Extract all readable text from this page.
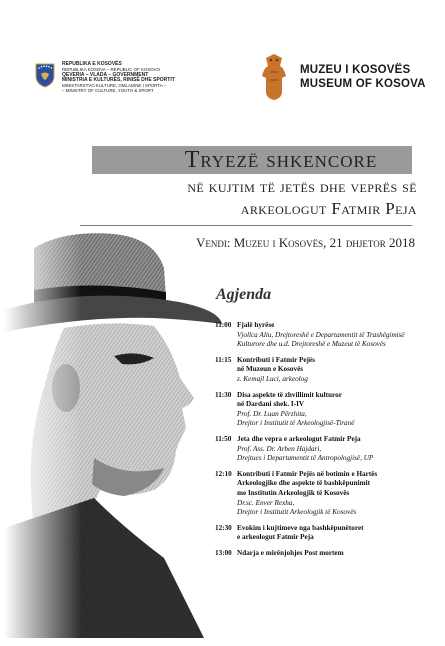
REPUBLIKA E KOSOVËS
REPUBLIKA KOSOVA – REPUBLIC OF KOSOVO
QEVERIA – VLADA – GOVERNMENT
MINISTRIA E KULTURËS, RINISË DHE SPORTIT
MINISTARSTVO KULTURE, OMLADINE I SPORTA –
– MINISTRY OF CULTURE, YOUTH & SPORT
MUZEU I KOSOVËS
MUSEUM OF KOSOVA
Tryezë shkencore
në kujtim të jetës dhe veprës së
arkeologut Fatmir Peja
Vendi: Muzeu i Kosovës, 21 dhjetor 2018
Agjenda
11:00 Fjalë hyrëse
Vjollca Aliu, Drejtoreshë e Departamentit të Trashëgimisë Kulturore dhe u.d. Drejtoreshë e Muzeut të Kosovës
11:15 Kontributi i Fatmir Pejës
në Muzeun e Kosovës
z. Kemajl Luci, arkeolog
11:30 Disa aspekte të zhvillimit kulturor
në Dardani shek. I-IV
Prof. Dr. Luan Përzhita,
Drejtor i Institutit të Arkeologjisë-Tiranë
11:50 Jeta dhe vepra e arkeologut Fatmir Peja
Prof. Ass. Dr. Arben Hajdari,
Drejtues i Departamentit të Antropologjisë, UP
12:10 Kontributi i Fatmir Pejës në botimin e Hartës
Arkeologjike dhe aspekte të bashkëpunimit
me Institutin Arkeologjik të Kosovës
Dr.sc. Enver Rexha,
Drejtor i Institutit Arkeologjik të Kosovës
12:30 Evokim i kujtimeve nga bashkëpunëtoret
e arkeologut Fatmir Peja
13:00 Ndarja e mirënjohjes Post mortem
